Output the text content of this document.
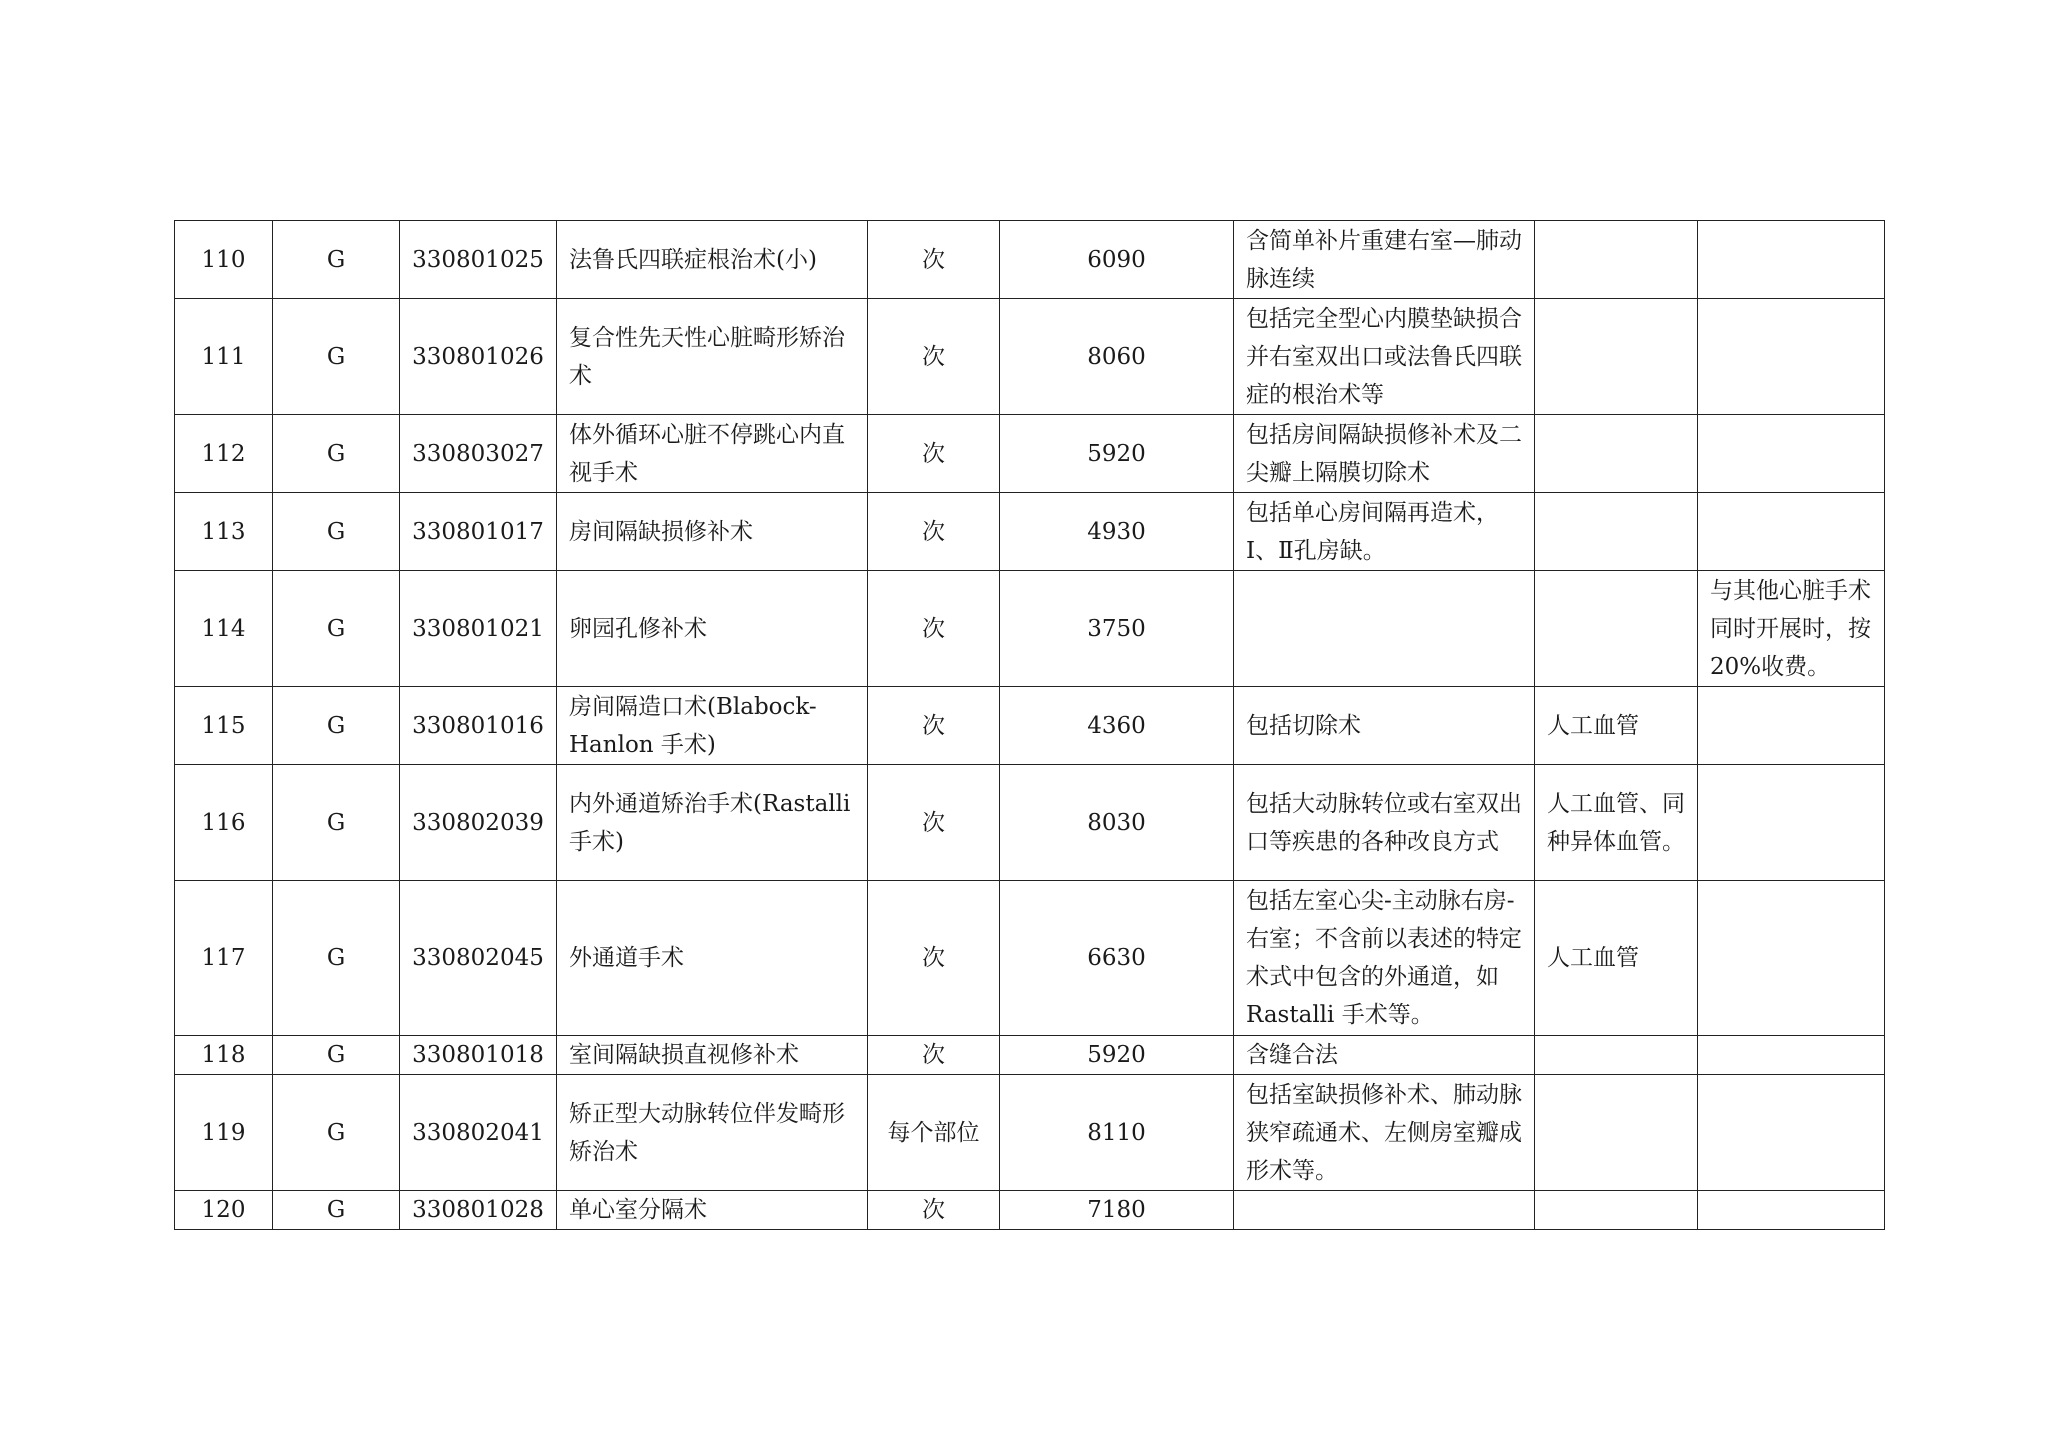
110	G	330801025	法鲁氏四联症根治术(小)	次	6090	含简单补片重建右室—肺动脉连续		
111	G	330801026	复合性先天性心脏畸形矫治术	次	8060	包括完全型心内膜垫缺损合并右室双出口或法鲁氏四联症的根治术等		
112	G	330803027	体外循环心脏不停跳心内直视手术	次	5920	包括房间隔缺损修补术及二尖瓣上隔膜切除术		
113	G	330801017	房间隔缺损修补术	次	4930	包括单心房间隔再造术，Ⅰ、Ⅱ孔房缺。		
114	G	330801021	卵园孔修补术	次	3750			与其他心脏手术同时开展时，按 20%收费。
115	G	330801016	房间隔造口术(Blabock-Hanlon 手术)	次	4360	包括切除术	人工血管	
116	G	330802039	内外通道矫治手术(Rastalli 手术)	次	8030	包括大动脉转位或右室双出口等疾患的各种改良方式	人工血管、同种异体血管。	
117	G	330802045	外通道手术	次	6630	包括左室心尖-主动脉右房-右室；不含前以表述的特定术式中包含的外通道，如 Rastalli 手术等。	人工血管	
118	G	330801018	室间隔缺损直视修补术	次	5920	含缝合法		
119	G	330802041	矫正型大动脉转位伴发畸形矫治术	每个部位	8110	包括室缺损修补术、肺动脉狭窄疏通术、左侧房室瓣成形术等。		
120	G	330801028	单心室分隔术	次	7180			
